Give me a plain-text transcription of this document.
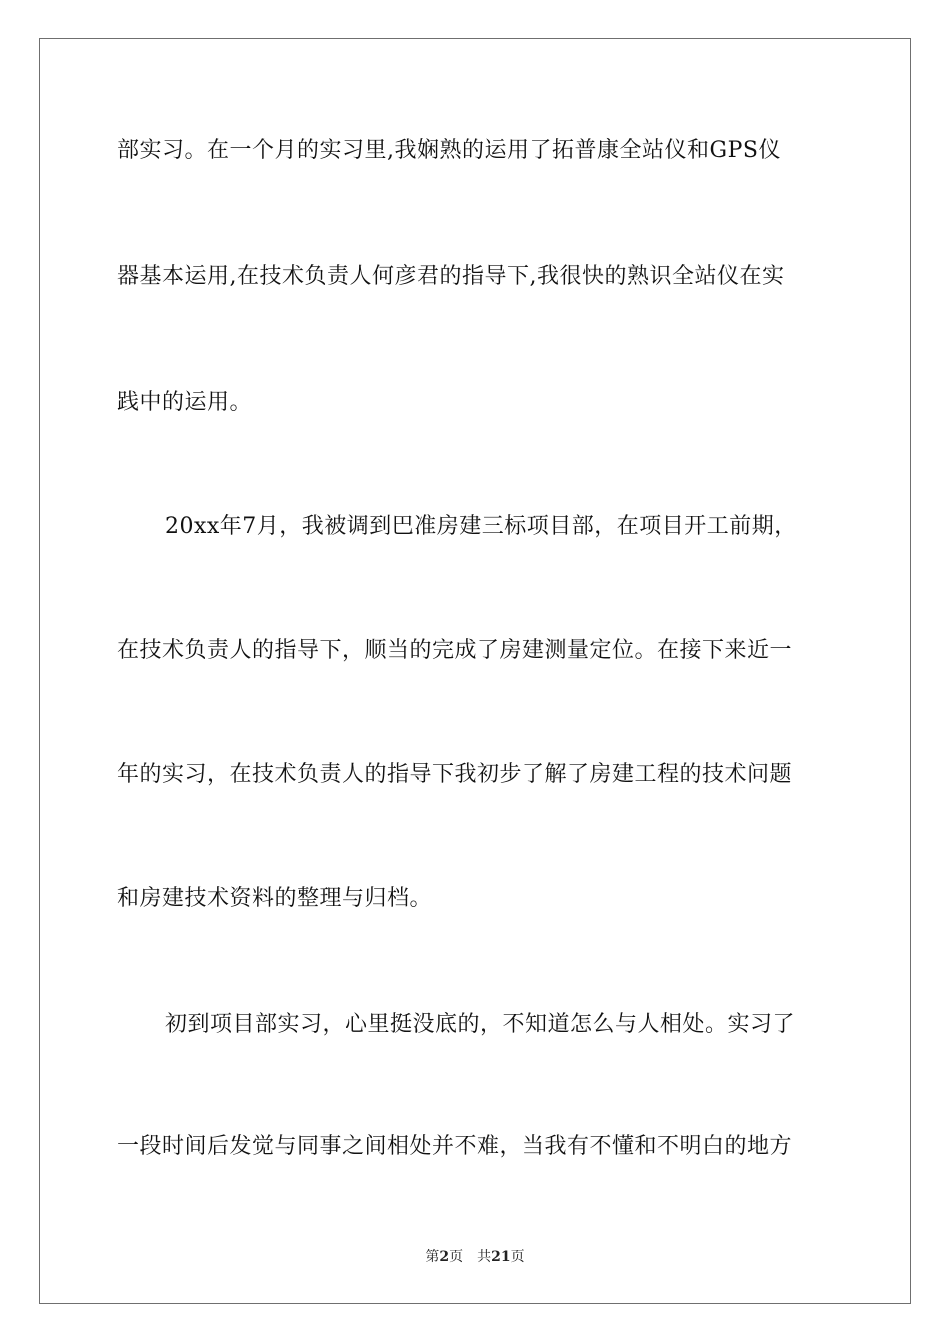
部实习。在一个月的实习里,我娴熟的运用了拓普康全站仪和GPS仪
器基本运用,在技术负责人何彦君的指导下,我很快的熟识全站仪在实
践中的运用。
20xx年7月，我被调到巴准房建三标项目部，在项目开工前期，
在技术负责人的指导下，顺当的完成了房建测量定位。在接下来近一
年的实习，在技术负责人的指导下我初步了解了房建工程的技术问题
和房建技术资料的整理与归档。
初到项目部实习，心里挺没底的，不知道怎么与人相处。实习了
一段时间后发觉与同事之间相处并不难，当我有不懂和不明白的地方
第2页 共21页
